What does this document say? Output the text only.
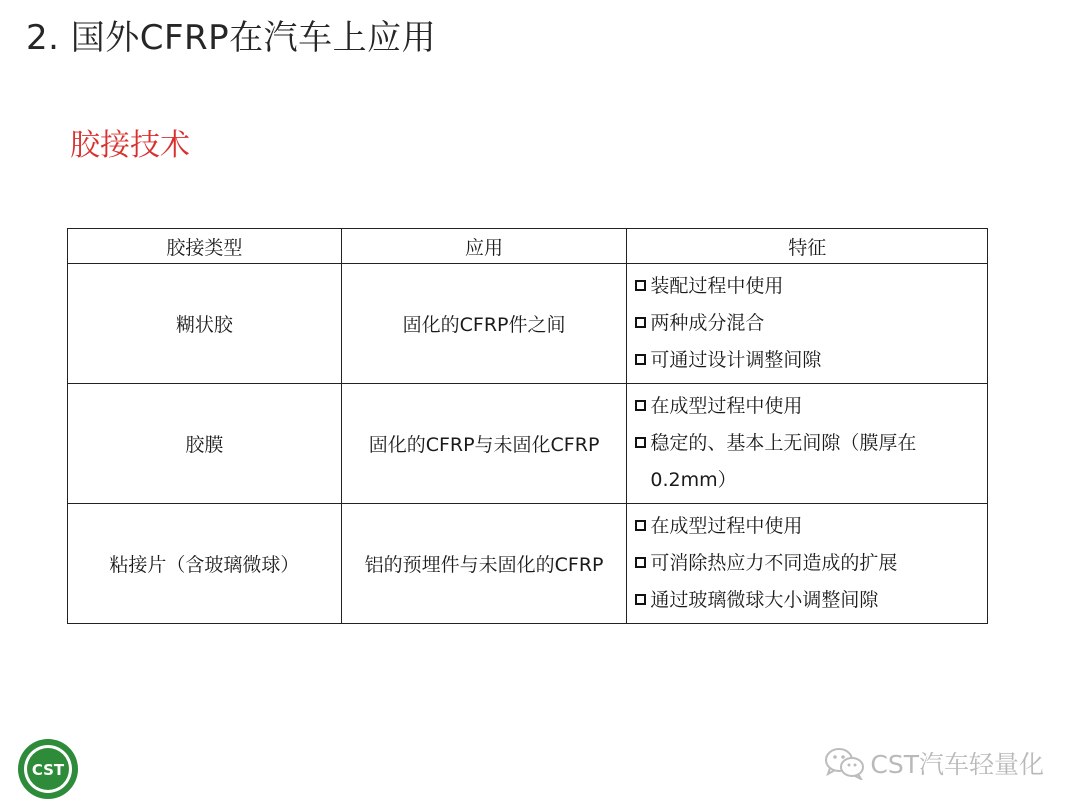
2. 国外CFRP在汽车上应用
胶接技术
胶接类型	应用	特征
糊状胶	固化的CFRP件之间	装配过程中使用
两种成分混合
可通过设计调整间隙

胶膜	固化的CFRP与未固化CFRP	在成型过程中使用
稳定的、基本上无间隙（膜厚在0.2mm）

粘接片（含玻璃微球）	铝的预埋件与未固化的CFRP	在成型过程中使用
可消除热应力不同造成的扩展
通过玻璃微球大小调整间隙
CST	CST汽车轻量化
